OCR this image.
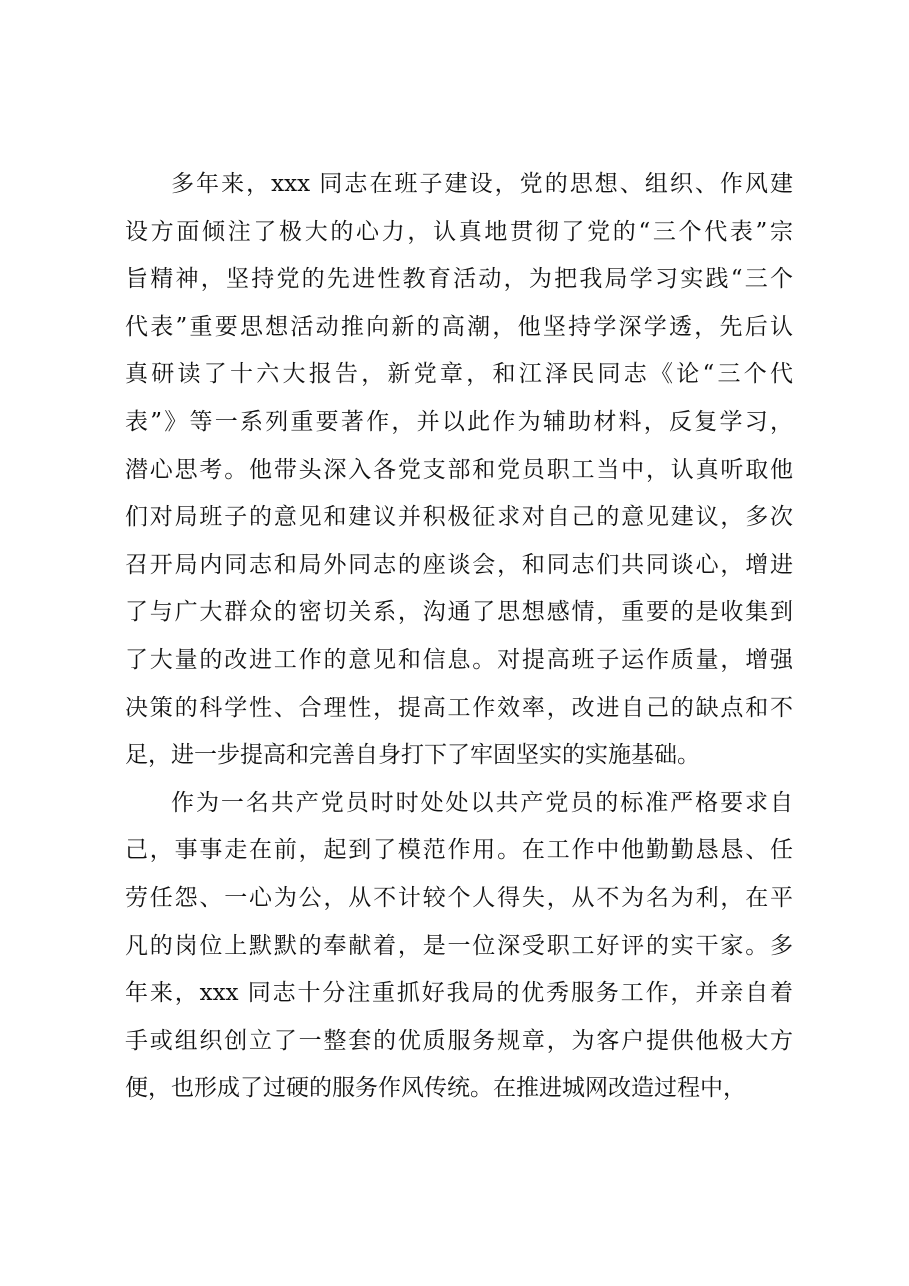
多年来，xxx 同志在班子建设，党的思想、组织、作风建
设方面倾注了极大的心力，认真地贯彻了党的“三个代表”宗
旨精神，坚持党的先进性教育活动，为把我局学习实践“三个
代表”重要思想活动推向新的高潮，他坚持学深学透，先后认
真研读了十六大报告，新党章，和江泽民同志《论“三个代
表”》等一系列重要著作，并以此作为辅助材料，反复学习，
潜心思考。他带头深入各党支部和党员职工当中，认真听取他
们对局班子的意见和建议并积极征求对自己的意见建议，多次
召开局内同志和局外同志的座谈会，和同志们共同谈心，增进
了与广大群众的密切关系，沟通了思想感情，重要的是收集到
了大量的改进工作的意见和信息。对提高班子运作质量，增强
决策的科学性、合理性，提高工作效率，改进自己的缺点和不
足，进一步提高和完善自身打下了牢固坚实的实施基础。
作为一名共产党员时时处处以共产党员的标准严格要求自
己，事事走在前，起到了模范作用。在工作中他勤勤恳恳、任
劳任怨、一心为公，从不计较个人得失，从不为名为利，在平
凡的岗位上默默的奉献着，是一位深受职工好评的实干家。多
年来，xxx 同志十分注重抓好我局的优秀服务工作，并亲自着
手或组织创立了一整套的优质服务规章，为客户提供他极大方
便，也形成了过硬的服务作风传统。在推进城网改造过程中，
